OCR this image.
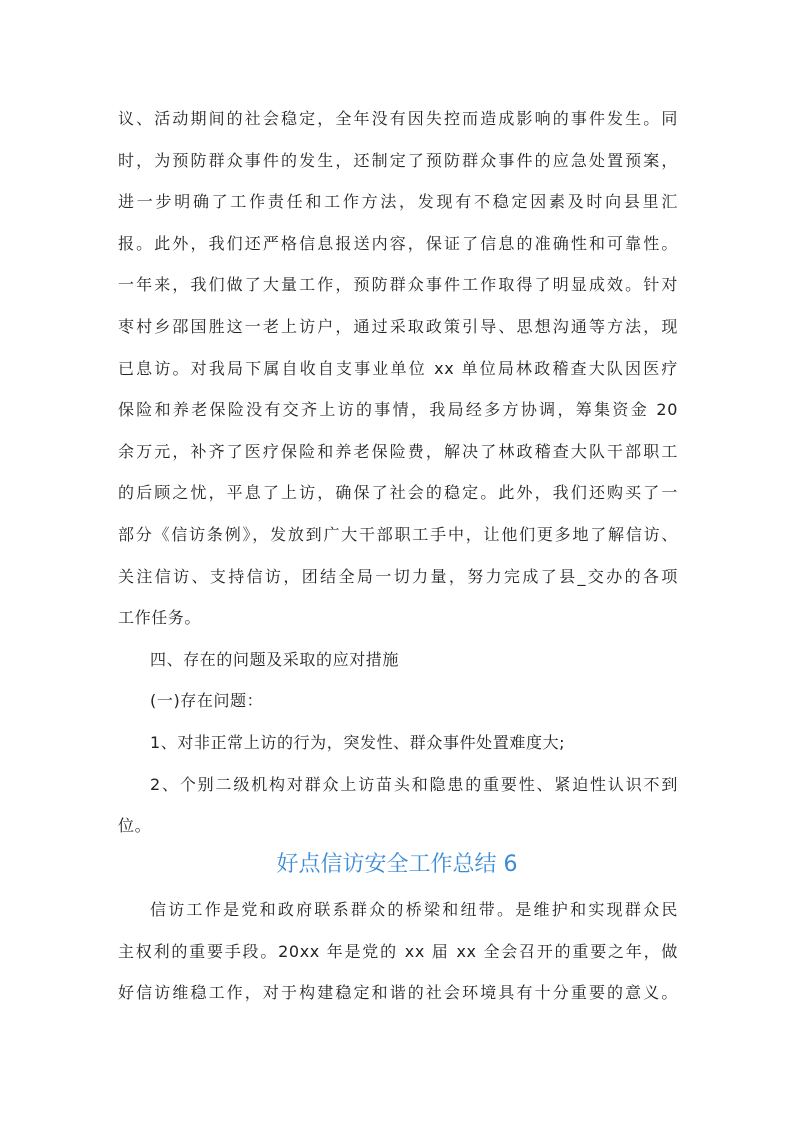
议、活动期间的社会稳定，全年没有因失控而造成影响的事件发生。同
时，为预防群众事件的发生，还制定了预防群众事件的应急处置预案，
进一步明确了工作责任和工作方法，发现有不稳定因素及时向县里汇
报。此外，我们还严格信息报送内容，保证了信息的准确性和可靠性。
一年来，我们做了大量工作，预防群众事件工作取得了明显成效。针对
枣村乡邵国胜这一老上访户，通过采取政策引导、思想沟通等方法，现
已息访。对我局下属自收自支事业单位 xx 单位局林政稽查大队因医疗
保险和养老保险没有交齐上访的事情，我局经多方协调，筹集资金 20
余万元，补齐了医疗保险和养老保险费，解决了林政稽查大队干部职工
的后顾之忧，平息了上访，确保了社会的稳定。此外，我们还购买了一
部分《信访条例》，发放到广大干部职工手中，让他们更多地了解信访、
关注信访、支持信访，团结全局一切力量，努力完成了县_交办的各项
工作任务。
四、存在的问题及采取的应对措施
(一)存在问题：
1、对非正常上访的行为，突发性、群众事件处置难度大;
2、个别二级机构对群众上访苗头和隐患的重要性、紧迫性认识不到
位。
好点信访安全工作总结 6
信访工作是党和政府联系群众的桥梁和纽带。是维护和实现群众民
主权利的重要手段。20xx 年是党的 xx 届 xx 全会召开的重要之年，做
好信访维稳工作，对于构建稳定和谐的社会环境具有十分重要的意义。
